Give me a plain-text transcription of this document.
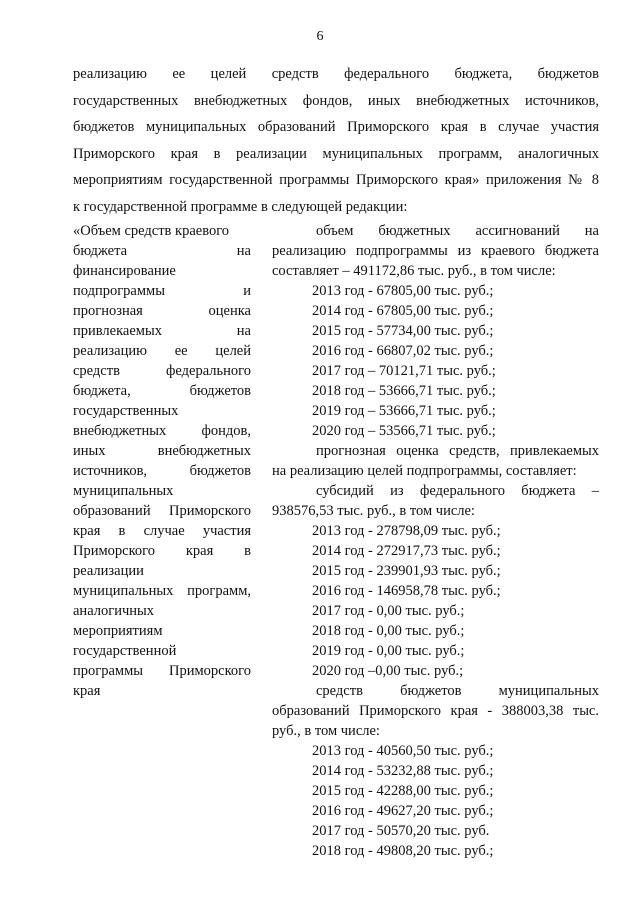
6
реализацию ее целей средств федерального бюджета, бюджетов
государственных внебюджетных фондов, иных внебюджетных источников,
бюджетов муниципальных образований Приморского края в случае участия
Приморского края в реализации муниципальных программ, аналогичных
мероприятиям государственной программы Приморского края» приложения № 8
к государственной программе в следующей редакции:
«Объем средств краевого
бюджета на
финансирование
подпрограммы и
прогнозная оценка
привлекаемых на
реализацию ее целей
средств федерального
бюджета, бюджетов
государственных
внебюджетных фондов,
иных внебюджетных
источников, бюджетов
муниципальных
образований Приморского
края в случае участия
Приморского края в
реализации
муниципальных программ,
аналогичных
мероприятиям
государственной
программы Приморского
края
объем бюджетных ассигнований на
реализацию подпрограммы из краевого бюджета
составляет – 491172,86 тыс. руб., в том числе:
2013 год - 67805,00 тыс. руб.;
2014 год - 67805,00 тыс. руб.;
2015 год - 57734,00 тыс. руб.;
2016 год - 66807,02 тыс. руб.;
2017 год – 70121,71 тыс. руб.;
2018 год – 53666,71 тыс. руб.;
2019 год – 53666,71 тыс. руб.;
2020 год – 53566,71 тыс. руб.;
прогнозная оценка средств, привлекаемых
на реализацию целей подпрограммы, составляет:
субсидий из федерального бюджета –
938576,53 тыс. руб., в том числе:
2013 год - 278798,09 тыс. руб.;
2014 год - 272917,73 тыс. руб.;
2015 год - 239901,93 тыс. руб.;
2016 год - 146958,78 тыс. руб.;
2017 год - 0,00 тыс. руб.;
2018 год - 0,00 тыс. руб.;
2019 год - 0,00 тыс. руб.;
2020 год –0,00 тыс. руб.;
средств бюджетов муниципальных
образований Приморского края - 388003,38 тыс.
руб., в том числе:
2013 год - 40560,50 тыс. руб.;
2014 год - 53232,88 тыс. руб.;
2015 год - 42288,00 тыс. руб.;
2016 год - 49627,20 тыс. руб.;
2017 год - 50570,20 тыс. руб.
2018 год - 49808,20 тыс. руб.;
